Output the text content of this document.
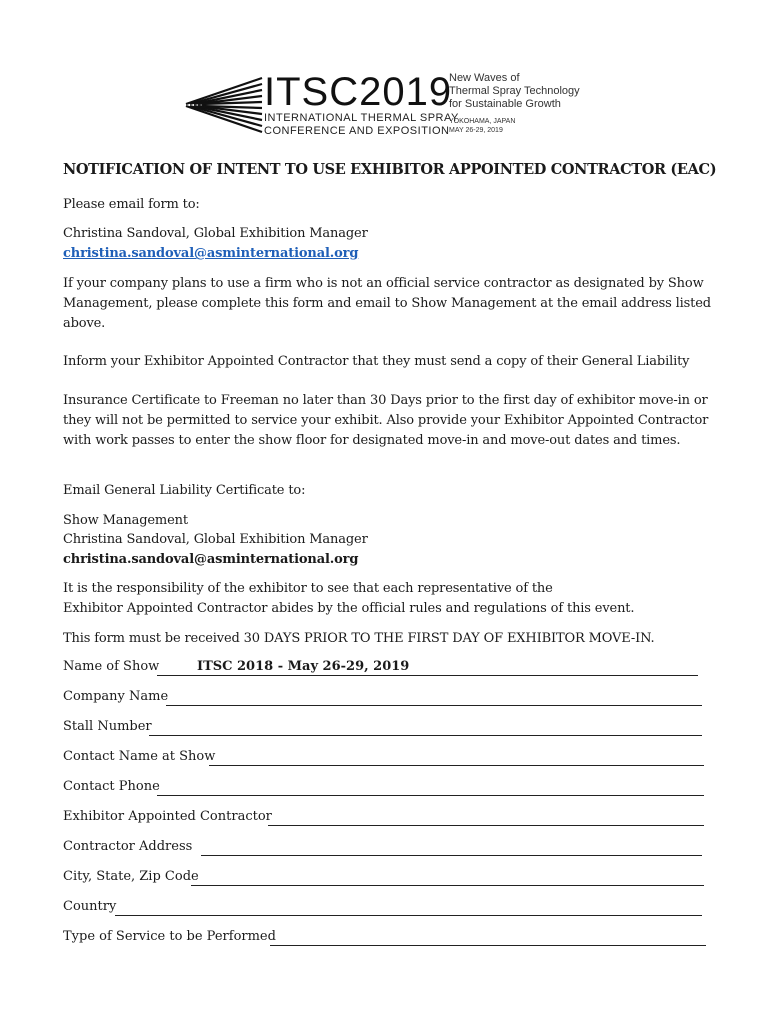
ITSC2019
INTERNATIONAL THERMAL SPRAY
CONFERENCE AND EXPOSITION
New Waves of
Thermal Spray Technology
for Sustainable Growth
YOKOHAMA, JAPAN
MAY 26-29, 2019
NOTIFICATION OF INTENT TO USE EXHIBITOR APPOINTED CONTRACTOR (EAC)
Please email form to:
Christina Sandoval, Global Exhibition Manager
christina.sandoval@asminternational.org
If your company plans to use a firm who is not an official service contractor as designated by Show Management, please complete this form and email to Show Management at the email address listed above.
Inform your Exhibitor Appointed Contractor that they must send a copy of their General Liability
Insurance Certificate to Freeman no later than 30 Days prior to the first day of exhibitor move-in or they will not be permitted to service your exhibit. Also provide your Exhibitor Appointed Contractor with work passes to enter the show floor for designated move-in and move-out dates and times.
Email General Liability Certificate to:
Show Management
Christina Sandoval, Global Exhibition Manager
christina.sandoval@asminternational.org
It is the responsibility of the exhibitor to see that each representative of the
Exhibitor Appointed Contractor abides by the official rules and regulations of this event.
This form must be received 30 DAYS PRIOR TO THE FIRST DAY OF EXHIBITOR MOVE-IN.
Name of Show	ITSC 2018 - May 26-29, 2019
Company Name
Stall Number
Contact Name at Show
Contact Phone
Exhibitor Appointed Contractor
Contractor Address
City, State, Zip Code
Country
Type of Service to be Performed
